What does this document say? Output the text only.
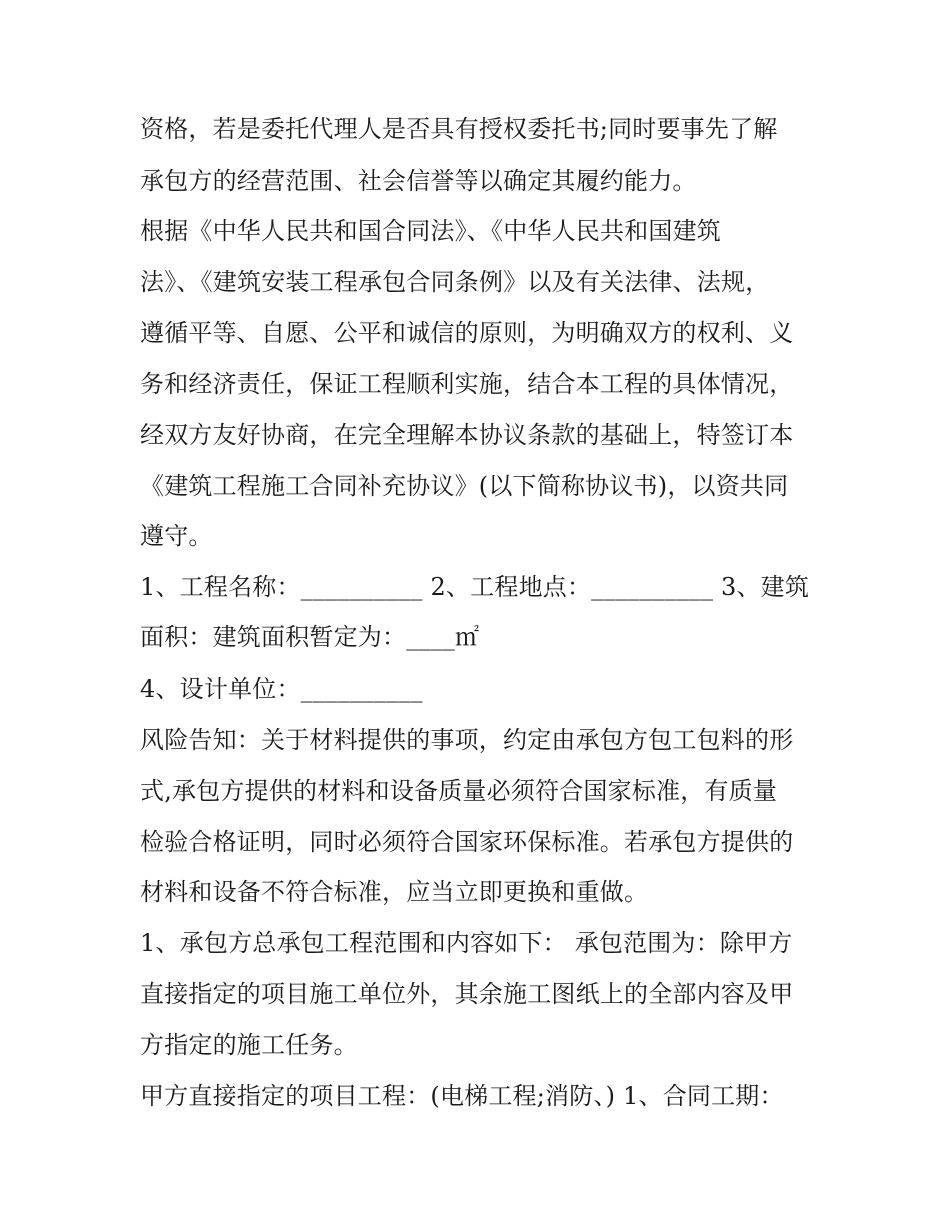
资格，若是委托代理人是否具有授权委托书;同时要事先了解
承包方的经营范围、社会信誉等以确定其履约能力。
根据《中华人民共和国合同法》、《中华人民共和国建筑
法》、《建筑安装工程承包合同条例》以及有关法律、法规，
遵循平等、自愿、公平和诚信的原则，为明确双方的权利、义
务和经济责任，保证工程顺利实施，结合本工程的具体情况，
经双方友好协商，在完全理解本协议条款的基础上，特签订本
《建筑工程施工合同补充协议》(以下简称协议书)，以资共同
遵守。
1、工程名称：__________ 2、工程地点：__________ 3、建筑
面积：建筑面积暂定为：____㎡
4、设计单位：__________
风险告知：关于材料提供的事项，约定由承包方包工包料的形
式,承包方提供的材料和设备质量必须符合国家标准，有质量
检验合格证明，同时必须符合国家环保标准。若承包方提供的
材料和设备不符合标准，应当立即更换和重做。
1、承包方总承包工程范围和内容如下： 承包范围为：除甲方
直接指定的项目施工单位外，其余施工图纸上的全部内容及甲
方指定的施工任务。
甲方直接指定的项目工程：(电梯工程;消防、) 1、合同工期：
